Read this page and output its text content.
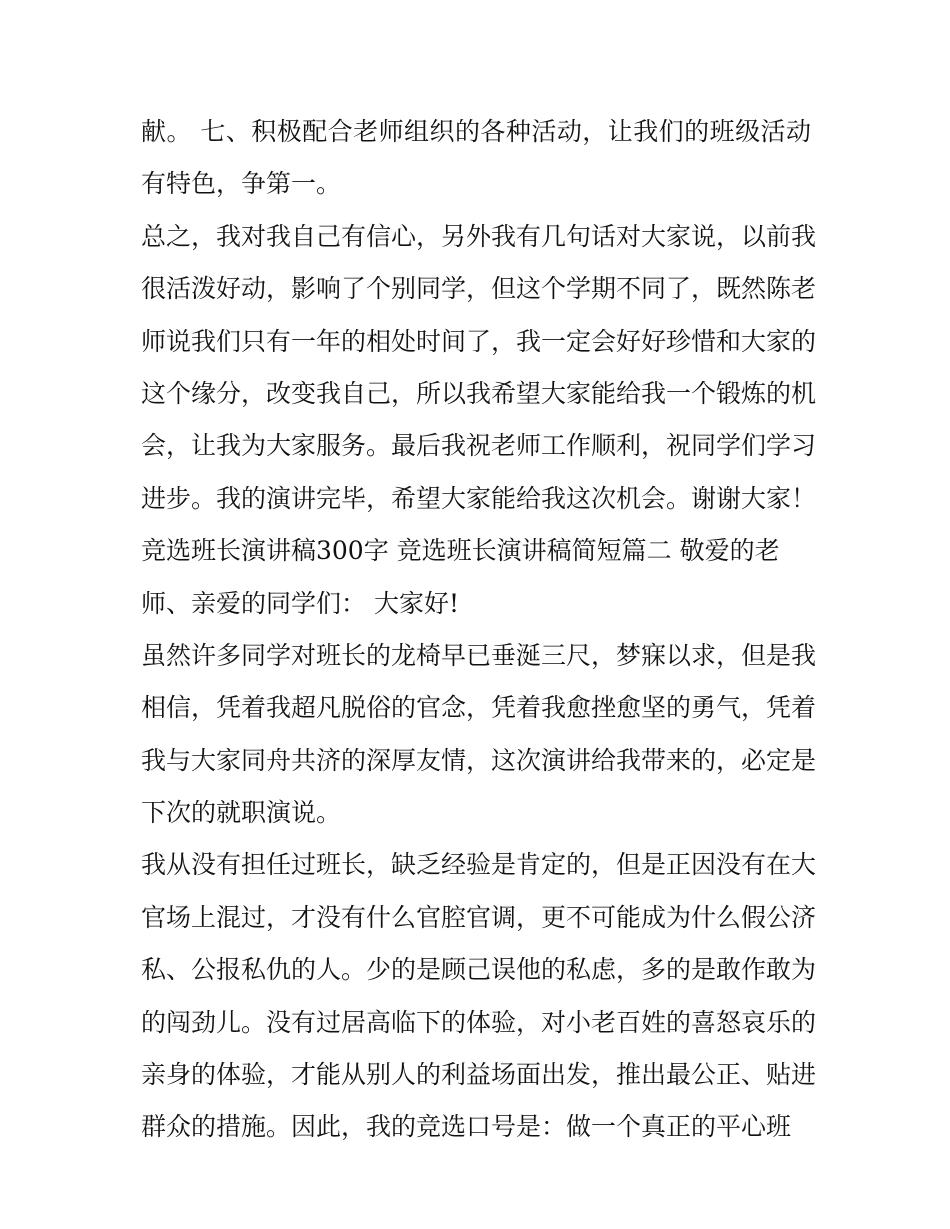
献。 七、积极配合老师组织的各种活动，让我们的班级活动
有特色，争第一。
总之，我对我自己有信心，另外我有几句话对大家说，以前我
很活泼好动，影响了个别同学，但这个学期不同了，既然陈老
师说我们只有一年的相处时间了，我一定会好好珍惜和大家的
这个缘分，改变我自己，所以我希望大家能给我一个锻炼的机
会，让我为大家服务。最后我祝老师工作顺利，祝同学们学习
进步。我的演讲完毕，希望大家能给我这次机会。谢谢大家！
竞选班长演讲稿300字 竞选班长演讲稿简短篇二 敬爱的老
师、亲爱的同学们： 大家好!
虽然许多同学对班长的龙椅早已垂涎三尺，梦寐以求，但是我
相信，凭着我超凡脱俗的官念，凭着我愈挫愈坚的勇气，凭着
我与大家同舟共济的深厚友情，这次演讲给我带来的，必定是
下次的就职演说。
我从没有担任过班长，缺乏经验是肯定的，但是正因没有在大
官场上混过，才没有什么官腔官调，更不可能成为什么假公济
私、公报私仇的人。少的是顾己误他的私虑，多的是敢作敢为
的闯劲儿。没有过居高临下的体验，对小老百姓的喜怒哀乐的
亲身的体验，才能从别人的利益场面出发，推出最公正、贴进
群众的措施。因此，我的竞选口号是：做一个真正的平心班
